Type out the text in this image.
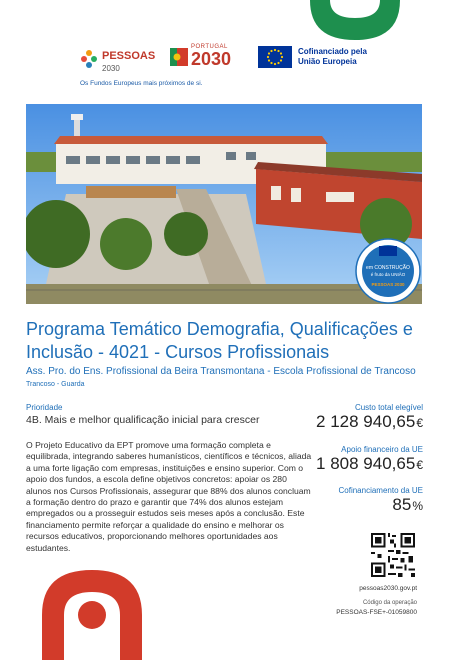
PESSOAS
2030
PORTUGAL
2030	Cofinanciado pela
União Europeia
Os Fundos Europeus mais próximos de si.
em CONSTRUÇÃO
é fruto da UNIÃO
PESSOAS 2030
Programa Temático Demografia, Qualificações e Inclusão - 4021 - Cursos Profissionais
Ass. Pro. do Ens. Profissional da Beira Transmontana - Escola Profissional de Trancoso
Trancoso - Guarda
Prioridade
4B. Mais e melhor qualificação inicial para crescer
O Projeto Educativo da EPT promove uma formação completa e equilibrada, integrando saberes humanísticos, científicos e técnicos, aliada a uma forte ligação com empresas, instituições e ensino superior. Com o apoio dos fundos, a escola define objetivos concretos: apoiar os 280 alunos nos Cursos Profissionais, assegurar que 88% dos alunos concluam a formação dentro do prazo e garantir que 74% dos alunos estejam empregados ou a prosseguir estudos seis meses após a conclusão. Este financiamento permite reforçar a qualidade do ensino e melhorar os recursos educativos, proporcionando melhores oportunidades aos estudantes.
Custo total elegível
2 128 940,65€
Apoio financeiro da UE
1 808 940,65€
Cofinanciamento da UE
85%
pessoas2030.gov.pt
Código da operação
PESSOAS-FSE+-01059800
